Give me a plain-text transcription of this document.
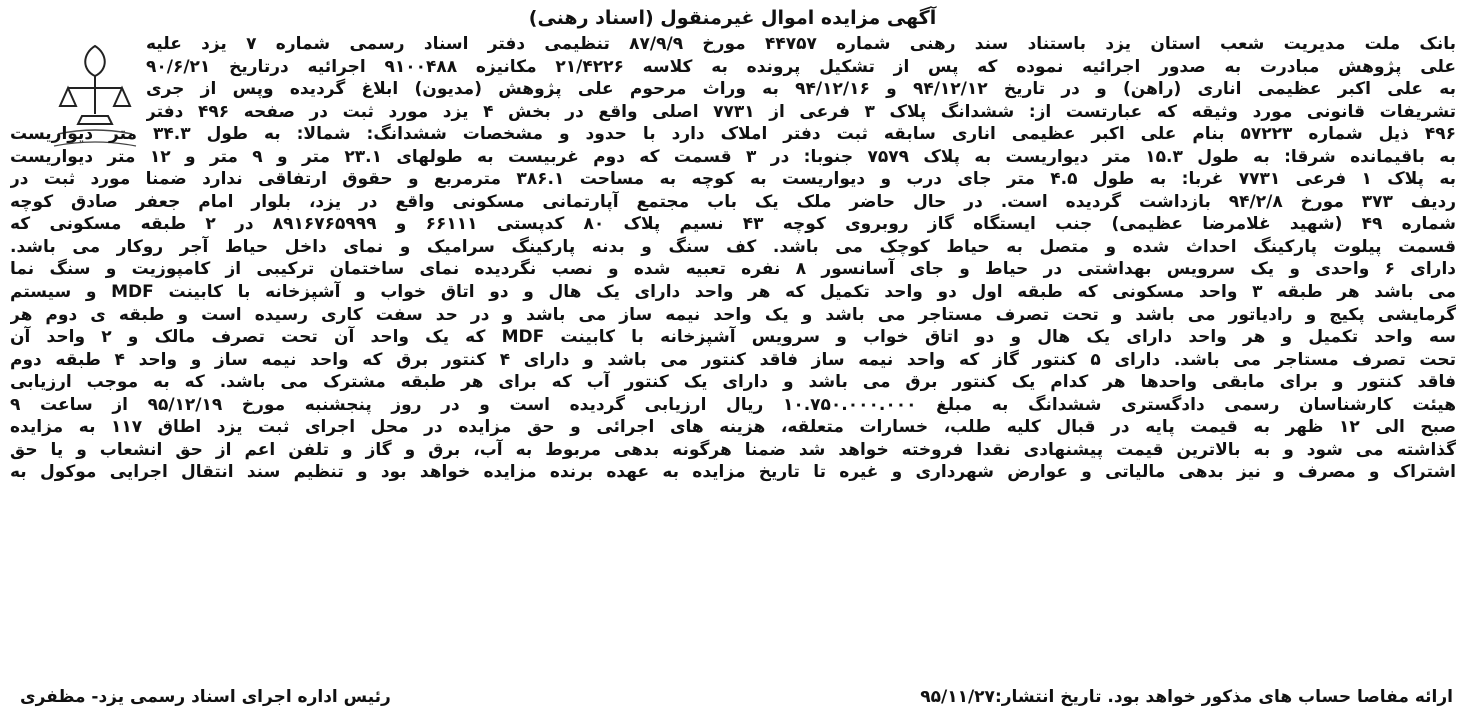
آگهی مزایده اموال غیرمنقول (اسناد رهنی)
بانک ملت مدیریت شعب استان یزد باستناد سند رهنی شماره ۴۴۷۵۷ مورخ ۸۷/۹/۹ تنظیمی دفتر اسناد رسمی شماره ۷ یزد علیه
علی پژوهش مبادرت به صدور اجرائیه نموده که پس از تشکیل پرونده به کلاسه ۲۱/۴۲۲۶ مکانیزه ۹۱۰۰۴۸۸ اجرائیه درتاریخ ۹۰/۶/۲۱
به علی اکبر عظیمی اناری (راهن) و در تاریخ ۹۴/۱۲/۱۲ و ۹۴/۱۲/۱۶ به وراث مرحوم علی پژوهش (مدیون) ابلاغ گردیده وپس از جری
تشریفات قانونی مورد وثیقه که عبارتست از: ششدانگ پلاک ۳ فرعی از ۷۷۳۱ اصلی واقع در بخش ۴ یزد مورد ثبت در صفحه ۴۹۶ دفتر
۴۹۶ ذیل شماره ۵۷۲۲۳ بنام علی اکبر عظیمی اناری سابقه ثبت دفتر املاک دارد با حدود و مشخصات ششدانگ: شمالا: به طول ۳۴.۳ متر دیواریست
به باقیمانده شرقا: به طول ۱۵.۳ متر دیواریست به پلاک ۷۵۷۹ جنوبا: در ۳ قسمت که دوم غربیست به طولهای ۲۳.۱ متر و ۹ متر و ۱۲ متر دیواریست
به پلاک ۱ فرعی ۷۷۳۱ غربا: به طول ۴.۵ متر جای درب و دیواریست به کوچه به مساحت ۳۸۶.۱ مترمربع و حقوق ارتفاقی ندارد ضمنا مورد ثبت در
ردیف ۳۷۳ مورخ ۹۴/۲/۸ بازداشت گردیده است. در حال حاضر ملک یک باب مجتمع آپارتمانی مسکونی واقع در یزد، بلوار امام جعفر صادق کوچه
شماره ۴۹ (شهید غلامرضا عظیمی) جنب ایستگاه گاز روبروی کوچه ۴۳ نسیم پلاک ۸۰ کدپستی ۶۶۱۱۱ و ۸۹۱۶۷۶۵۹۹۹ در ۲ طبقه مسکونی که
قسمت پیلوت پارکینگ احداث شده و متصل به حیاط کوچک می باشد. کف سنگ و بدنه پارکینگ سرامیک و نمای داخل حیاط آجر روکار می باشد.
دارای ۶ واحدی و یک سرویس بهداشتی در حیاط و جای آسانسور ۸ نفره تعبیه شده و نصب نگردیده نمای ساختمان ترکیبی از کامپوزیت و سنگ نما
می باشد هر طبقه ۳ واحد مسکونی که طبقه اول دو واحد تکمیل که هر واحد دارای یک هال و دو اتاق خواب و آشپزخانه با کابینت MDF و سیستم
گرمایشی پکیج و رادیاتور می باشد و تحت تصرف مستاجر می باشد و یک واحد نیمه ساز می باشد و در حد سفت کاری رسیده است و طبقه ی دوم هر
سه واحد تکمیل و هر واحد دارای یک هال و دو اتاق خواب و سرویس آشپزخانه با کابینت MDF که یک واحد آن تحت تصرف مالک و ۲ واحد آن
تحت تصرف مستاجر می باشد. دارای ۵ کنتور گاز که واحد نیمه ساز فاقد کنتور می باشد و دارای ۴ کنتور برق که واحد نیمه ساز و واحد ۴ طبقه دوم
فاقد کنتور و برای مابقی واحدها هر کدام یک کنتور برق می باشد و دارای یک کنتور آب که برای هر طبقه مشترک می باشد. که به موجب ارزیابی
هیئت کارشناسان رسمی دادگستری ششدانگ به مبلغ ۱۰.۷۵۰.۰۰۰.۰۰۰ ریال ارزیابی گردیده است و در روز پنجشنبه مورخ ۹۵/۱۲/۱۹ از ساعت ۹
صبح الی ۱۲ ظهر به قیمت پایه در قبال کلیه طلب، خسارات متعلقه، هزینه های اجرائی و حق مزایده در محل اجرای ثبت یزد اطاق ۱۱۷ به مزایده
گذاشته می شود و به بالاترین قیمت پیشنهادی نقدا فروخته خواهد شد ضمنا هرگونه بدهی مربوط به آب، برق و گاز و تلفن اعم از حق انشعاب و یا حق
اشتراک و مصرف و نیز بدهی مالیاتی و عوارض شهرداری و غیره تا تاریخ مزایده به عهده برنده مزایده خواهد بود و تنظیم سند انتقال اجرایی موکول به
ارائه مفاصا حساب های مذکور خواهد بود. تاریخ انتشار:۹۵/۱۱/۲۷
رئیس اداره اجرای اسناد رسمی یزد- مظفری
